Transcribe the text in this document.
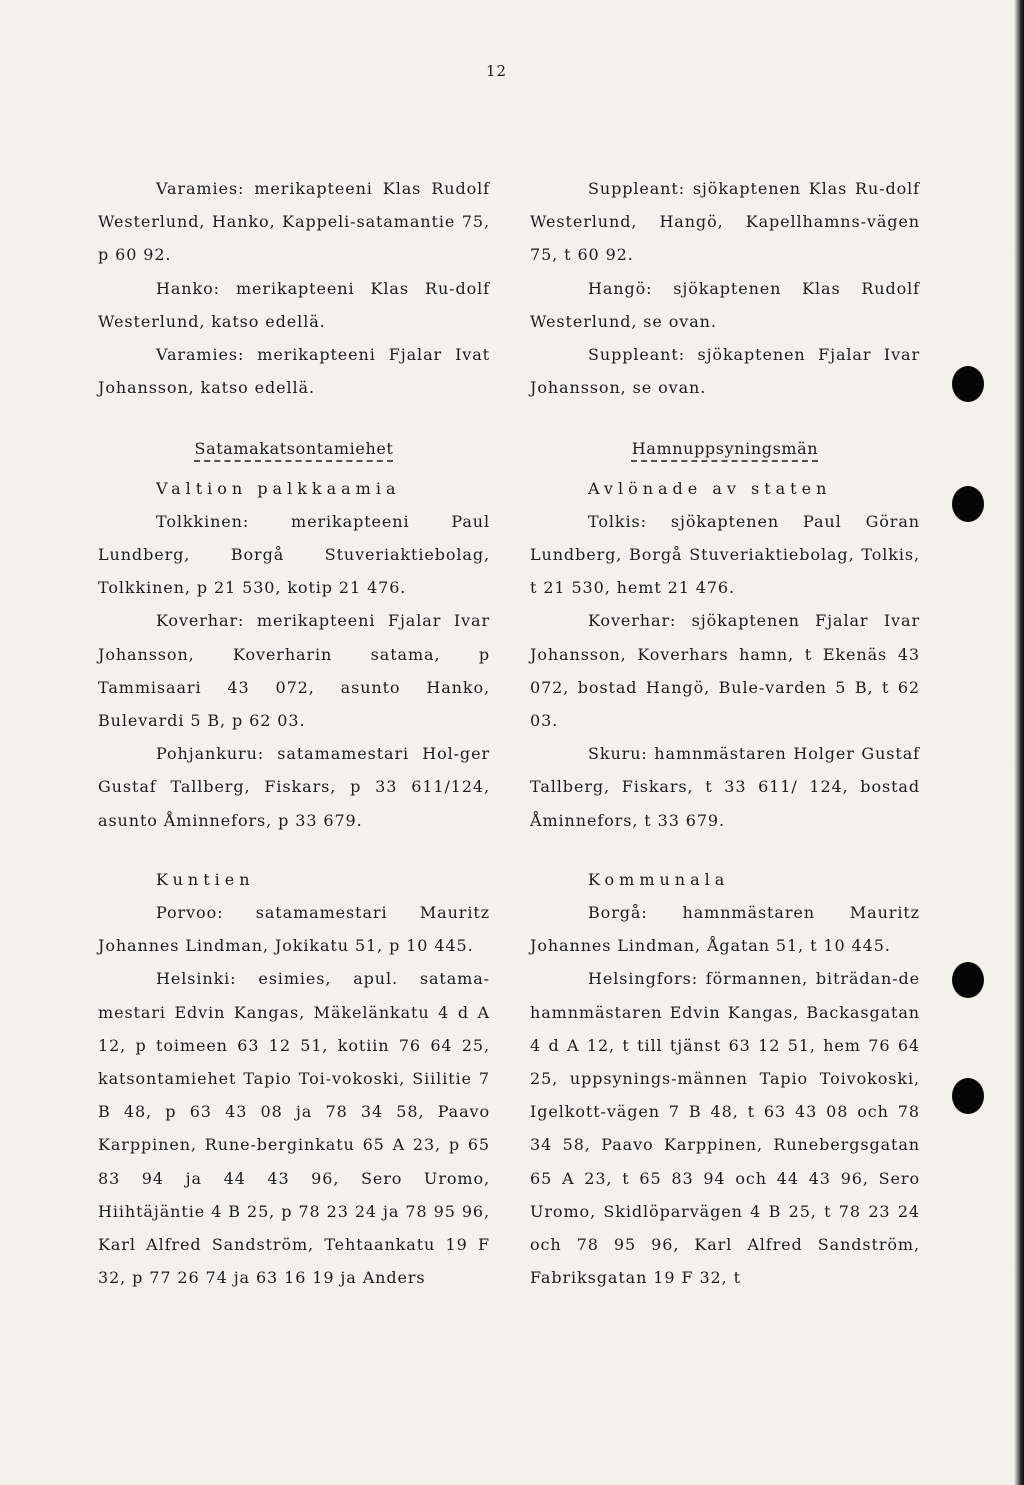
12

Varamies: merikapteeni Klas Rudolf Westerlund, Hanko, Kappeli-satamantie 75, p 60 92.

Hanko: merikapteeni Klas Ru-dolf Westerlund, katso edellä.

Varamies: merikapteeni Fjalar Ivat Johansson, katso edellä.

Satamakatsontamiehet
Valtion palkkaamia

Tolkkinen: merikapteeni Paul Lundberg, Borgå Stuveriaktiebolag, Tolkkinen, p 21 530, kotip 21 476.

Koverhar: merikapteeni Fjalar Ivar Johansson, Koverharin satama, p Tammisaari 43 072, asunto Hanko, Bulevardi 5 B, p 62 03.

Pohjankuru: satamamestari Hol-ger Gustaf Tallberg, Fiskars, p 33 611/124, asunto Åminnefors, p 33 679.

Kuntien

Porvoo: satamamestari Mauritz Johannes Lindman, Jokikatu 51, p 10 445.

Helsinki: esimies, apul. satama-mestari Edvin Kangas, Mäkelänkatu 4 d A 12, p toimeen 63 12 51, kotiin 76 64 25, katsontamiehet Tapio Toi-vokoski, Siilitie 7 B 48, p 63 43 08 ja 78 34 58, Paavo Karppinen, Rune-berginkatu 65 A 23, p 65 83 94 ja 44 43 96, Sero Uromo, Hiihtäjäntie 4 B 25, p 78 23 24 ja 78 95 96, Karl Alfred Sandström, Tehtaankatu 19 F 32, p 77 26 74 ja 63 16 19 ja Anders

Suppleant: sjökaptenen Klas Ru-dolf Westerlund, Hangö, Kapellhamns-vägen 75, t 60 92.

Hangö: sjökaptenen Klas Rudolf Westerlund, se ovan.

Suppleant: sjökaptenen Fjalar Ivar Johansson, se ovan.

Hamnuppsyningsmän
Avlönade av staten

Tolkis: sjökaptenen Paul Göran Lundberg, Borgå Stuveriaktiebolag, Tolkis, t 21 530, hemt 21 476.

Koverhar: sjökaptenen Fjalar Ivar Johansson, Koverhars hamn, t Ekenäs 43 072, bostad Hangö, Bule-varden 5 B, t 62 03.

Skuru: hamnmästaren Holger Gustaf Tallberg, Fiskars, t 33 611/ 124, bostad Åminnefors, t 33 679.

Kommunala

Borgå: hamnmästaren Mauritz Johannes Lindman, Ågatan 51, t 10 445.

Helsingfors: förmannen, biträdan-de hamnmästaren Edvin Kangas, Backasgatan 4 d A 12, t till tjänst 63 12 51, hem 76 64 25, uppsynings-männen Tapio Toivokoski, Igelkott-vägen 7 B 48, t 63 43 08 och 78 34 58, Paavo Karppinen, Runebergsgatan 65 A 23, t 65 83 94 och 44 43 96, Sero Uromo, Skidlöparvägen 4 B 25, t 78 23 24 och 78 95 96, Karl Alfred Sandström, Fabriksgatan 19 F 32, t
